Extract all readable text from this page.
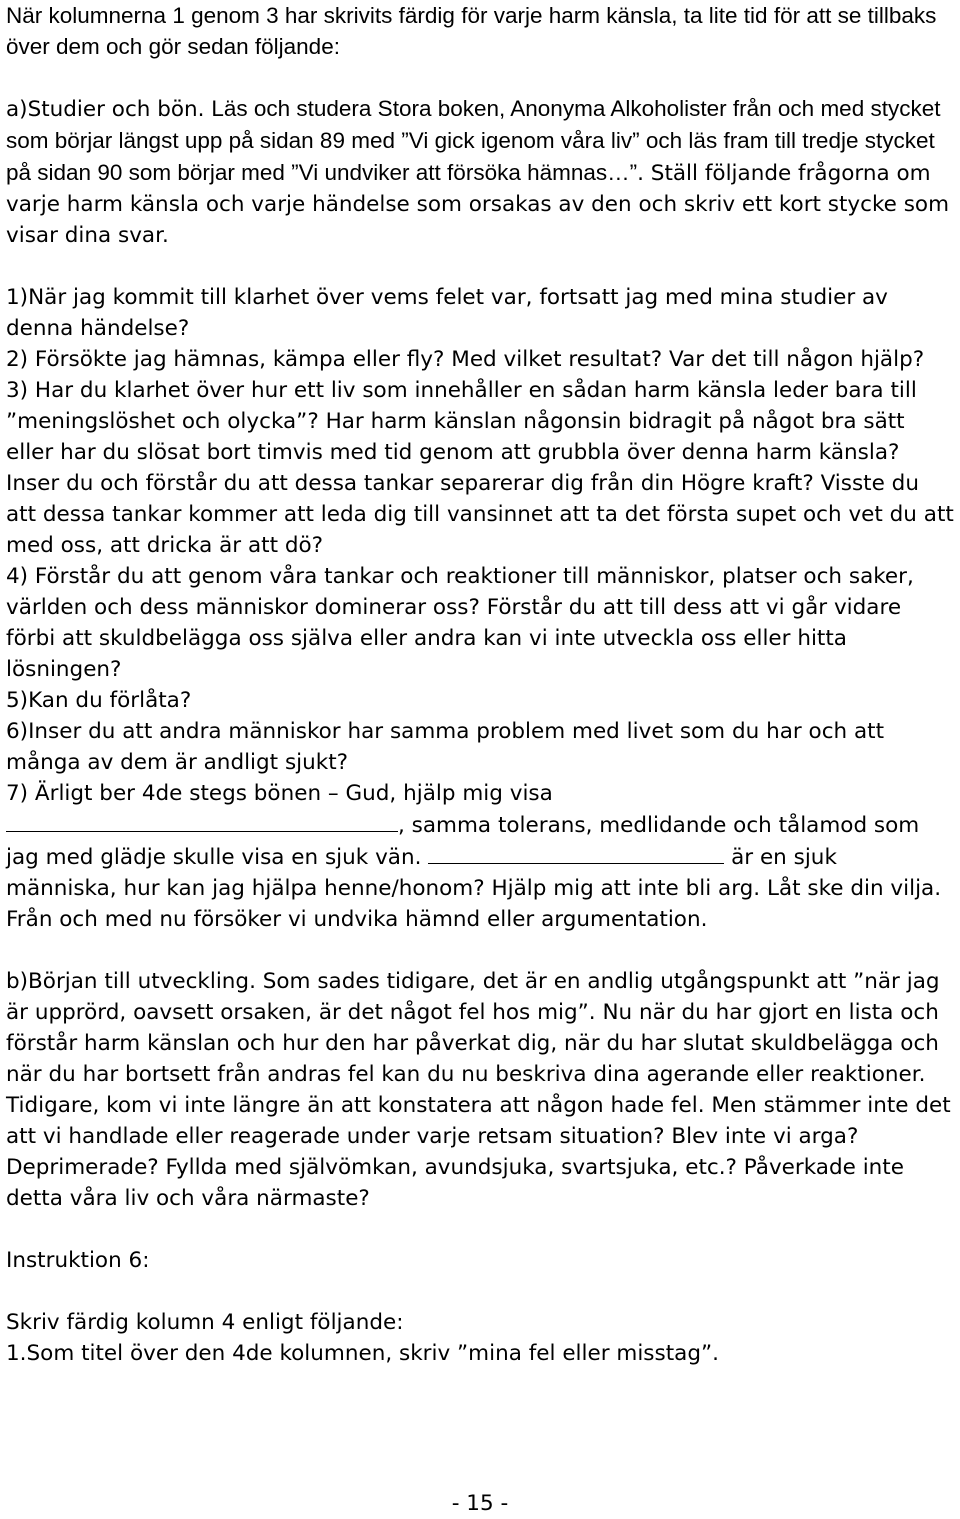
När kolumnerna 1 genom 3 har skrivits färdig för varje harm känsla, ta lite tid för att se tillbaks över dem och gör sedan följande:

a)Studier och bön. Läs och studera Stora boken, Anonyma Alkoholister från och med stycket som börjar längst upp på sidan 89 med ”Vi gick igenom våra liv” och läs fram till tredje stycket på sidan 90 som börjar med ”Vi undviker att försöka hämnas…”. Ställ följande frågorna om varje harm känsla och varje händelse som orsakas av den och skriv ett kort stycke som visar dina svar.

1)När jag kommit till klarhet över vems felet var, fortsatt jag med mina studier av denna händelse?

2) Försökte jag hämnas, kämpa eller fly? Med vilket resultat? Var det till någon hjälp?

3) Har du klarhet över hur ett liv som innehåller en sådan harm känsla leder bara till ”meningslöshet och olycka”? Har harm känslan någonsin bidragit på något bra sätt eller har du slösat bort timvis med tid genom att grubbla över denna harm känsla? Inser du och förstår du att dessa tankar separerar dig från din Högre kraft? Visste du att dessa tankar kommer att leda dig till vansinnet att ta det första supet och vet du att med oss, att dricka är att dö?

4) Förstår du att genom våra tankar och reaktioner till människor, platser och saker, världen och dess människor dominerar oss? Förstår du att till dess att vi går vidare förbi att skuldbelägga oss själva eller andra kan vi inte utveckla oss eller hitta lösningen?

5)Kan du förlåta?

6)Inser du att andra människor har samma problem med livet som du har och att många av dem är andligt sjukt?

7) Ärligt ber 4de stegs bönen – Gud, hjälp mig visa
, samma tolerans, medlidande och tålamod som jag med glädje skulle visa en sjuk vän.	är en sjuk människa, hur kan jag hjälpa henne/honom? Hjälp mig att inte bli arg. Låt ske din vilja. Från och med nu försöker vi undvika hämnd eller argumentation.

b)Början till utveckling. Som sades tidigare, det är en andlig utgångspunkt att ”när jag är upprörd, oavsett orsaken, är det något fel hos mig”. Nu när du har gjort en lista och förstår harm känslan och hur den har påverkat dig, när du har slutat skuldbelägga och när du har bortsett från andras fel kan du nu beskriva dina agerande eller reaktioner. Tidigare, kom vi inte längre än att konstatera att någon hade fel. Men stämmer inte det att vi handlade eller reagerade under varje retsam situation? Blev inte vi arga? Deprimerade? Fyllda med självömkan, avundsjuka, svartsjuka, etc.? Påverkade inte detta våra liv och våra närmaste?

Instruktion 6:

Skriv färdig kolumn 4 enligt följande:

1.Som titel över den 4de kolumnen, skriv ”mina fel eller misstag”.

- 15 -
